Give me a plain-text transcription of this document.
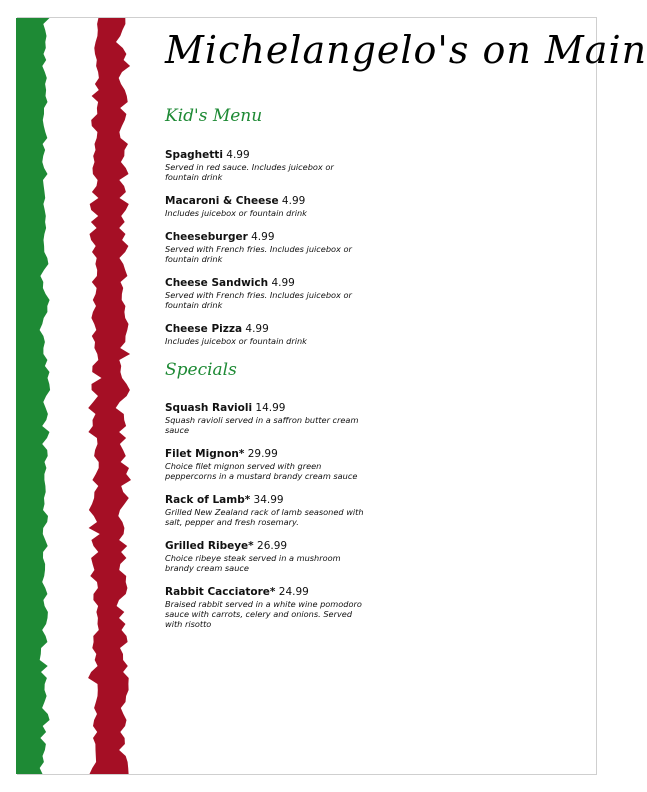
Michelangelo's on Main
Kid's Menu
Spaghetti 4.99
Served in red sauce. Includes juicebox or fountain drink
Macaroni & Cheese 4.99
Includes juicebox or fountain drink
Cheeseburger 4.99
Served with French fries. Includes juicebox or fountain drink
Cheese Sandwich 4.99
Served with French fries. Includes juicebox or fountain drink
Cheese Pizza 4.99
Includes juicebox or fountain drink
Specials
Squash Ravioli 14.99
Squash ravioli served in a saffron butter cream sauce
Filet Mignon* 29.99
Choice filet mignon served with green peppercorns in a mustard brandy cream sauce
Rack of Lamb* 34.99
Grilled New Zealand rack of lamb seasoned with salt, pepper and fresh rosemary.
Grilled Ribeye* 26.99
Choice ribeye steak served in a mushroom brandy cream sauce
Rabbit Cacciatore* 24.99
Braised rabbit served in a white wine pomodoro sauce with carrots, celery and onions. Served with risotto
